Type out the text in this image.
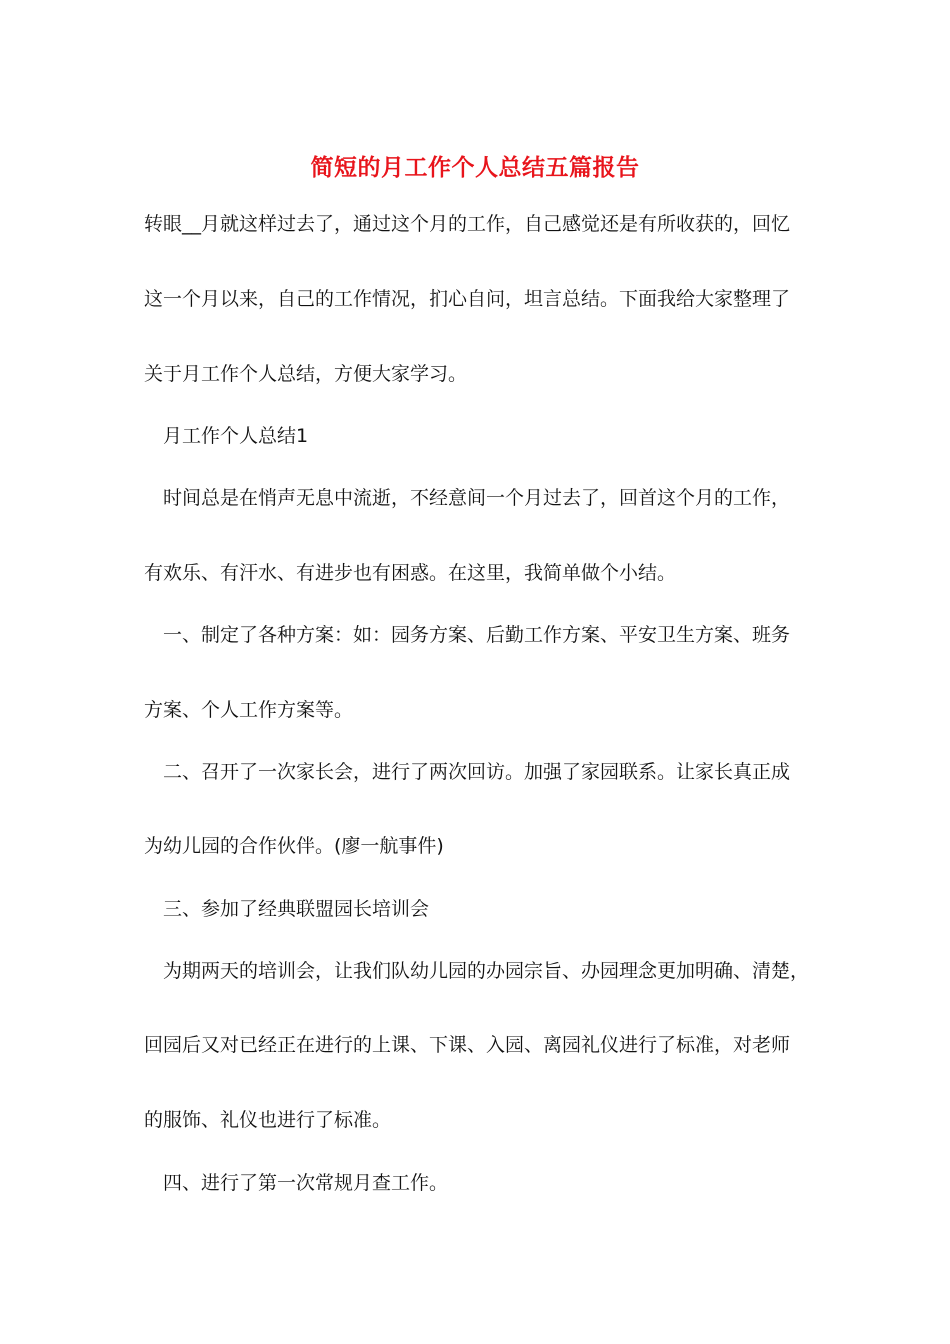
简短的月工作个人总结五篇报告
转眼__月就这样过去了，通过这个月的工作，自己感觉还是有所收获的，回忆
这一个月以来，自己的工作情况，扪心自问，坦言总结。下面我给大家整理了
关于月工作个人总结，方便大家学习。
月工作个人总结1
时间总是在悄声无息中流逝，不经意间一个月过去了，回首这个月的工作，
有欢乐、有汗水、有进步也有困惑。在这里，我简单做个小结。
一、制定了各种方案：如：园务方案、后勤工作方案、平安卫生方案、班务
方案、个人工作方案等。
二、召开了一次家长会，进行了两次回访。加强了家园联系。让家长真正成
为幼儿园的合作伙伴。(廖一航事件)
三、参加了经典联盟园长培训会
为期两天的培训会，让我们队幼儿园的办园宗旨、办园理念更加明确、清楚，
回园后又对已经正在进行的上课、下课、入园、离园礼仪进行了标准，对老师
的服饰、礼仪也进行了标准。
四、进行了第一次常规月查工作。
